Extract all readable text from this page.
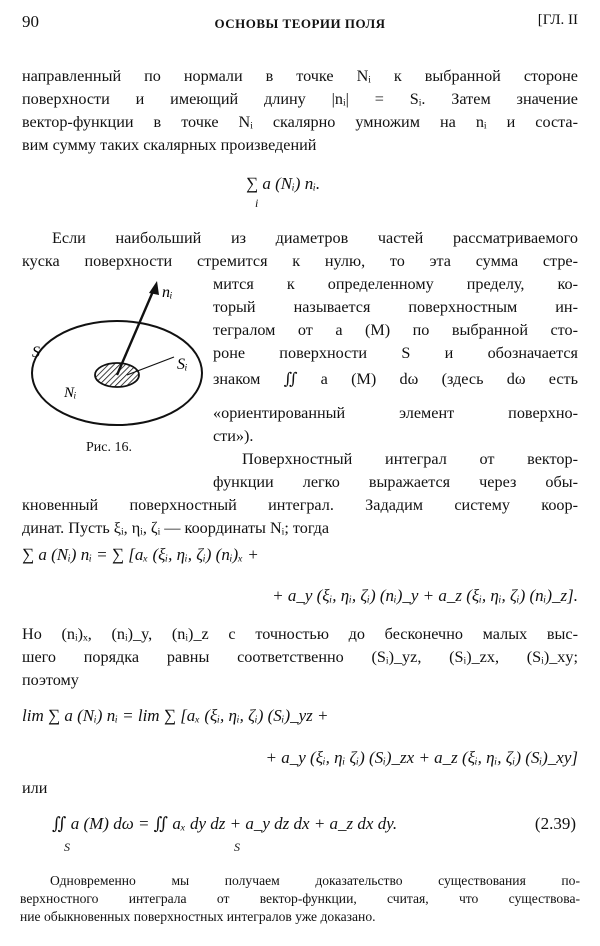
90	ОСНОВЫ ТЕОРИИ ПОЛЯ	[ГЛ. II
направленный по нормали в точке Nᵢ к выбранной стороне
поверхности и имеющий длину |nᵢ| = Sᵢ. Затем значение
вектор-функции в точке Nᵢ скалярно умножим на nᵢ и соста-
вим сумму таких скалярных произведений
∑ a (Nᵢ) nᵢ.
i
Если наибольший из диаметров частей рассматриваемого
куска поверхности стремится к нулю, то эта сумма стре-
мится к определенному пределу, ко-
торый называется поверхностным ин-
тегралом от a (M) по выбранной сто-
роне поверхности S и обозначается
знаком ∬ a (M) dω (здесь dω есть
«ориентированный элемент поверхно-
сти»).
nᵢ
S
Sᵢ
Nᵢ
Рис. 16.
Поверхностный интеграл от вектор-
функции легко выражается через обы-
кновенный поверхностный интеграл. Зададим систему коор-
динат. Пусть ξᵢ, ηᵢ, ζᵢ — координаты Nᵢ; тогда
∑ a (Nᵢ) nᵢ = ∑ [aₓ (ξᵢ, ηᵢ, ζᵢ) (nᵢ)ₓ +
+ a_y (ξᵢ, ηᵢ, ζᵢ) (nᵢ)_y + a_z (ξᵢ, ηᵢ, ζᵢ) (nᵢ)_z].
Но (nᵢ)ₓ, (nᵢ)_y, (nᵢ)_z с точностью до бесконечно малых выс-
шего порядка равны соответственно (Sᵢ)_yz, (Sᵢ)_zx, (Sᵢ)_xy;
поэтому
lim ∑ a (Nᵢ) nᵢ = lim ∑ [aₓ (ξᵢ, ηᵢ, ζᵢ) (Sᵢ)_yz +
+ a_y (ξᵢ, ηᵢ ζᵢ) (Sᵢ)_zx + a_z (ξᵢ, ηᵢ, ζᵢ) (Sᵢ)_xy]
или
∬ a (M) dω = ∬ aₓ dy dz + a_y dz dx + a_z dx dy.
S	S
(2.39)
Одновременно мы получаем доказательство существования по-
верхностного интеграла от вектор-функции, считая, что существова-
ние обыкновенных поверхностных интегралов уже доказано.
